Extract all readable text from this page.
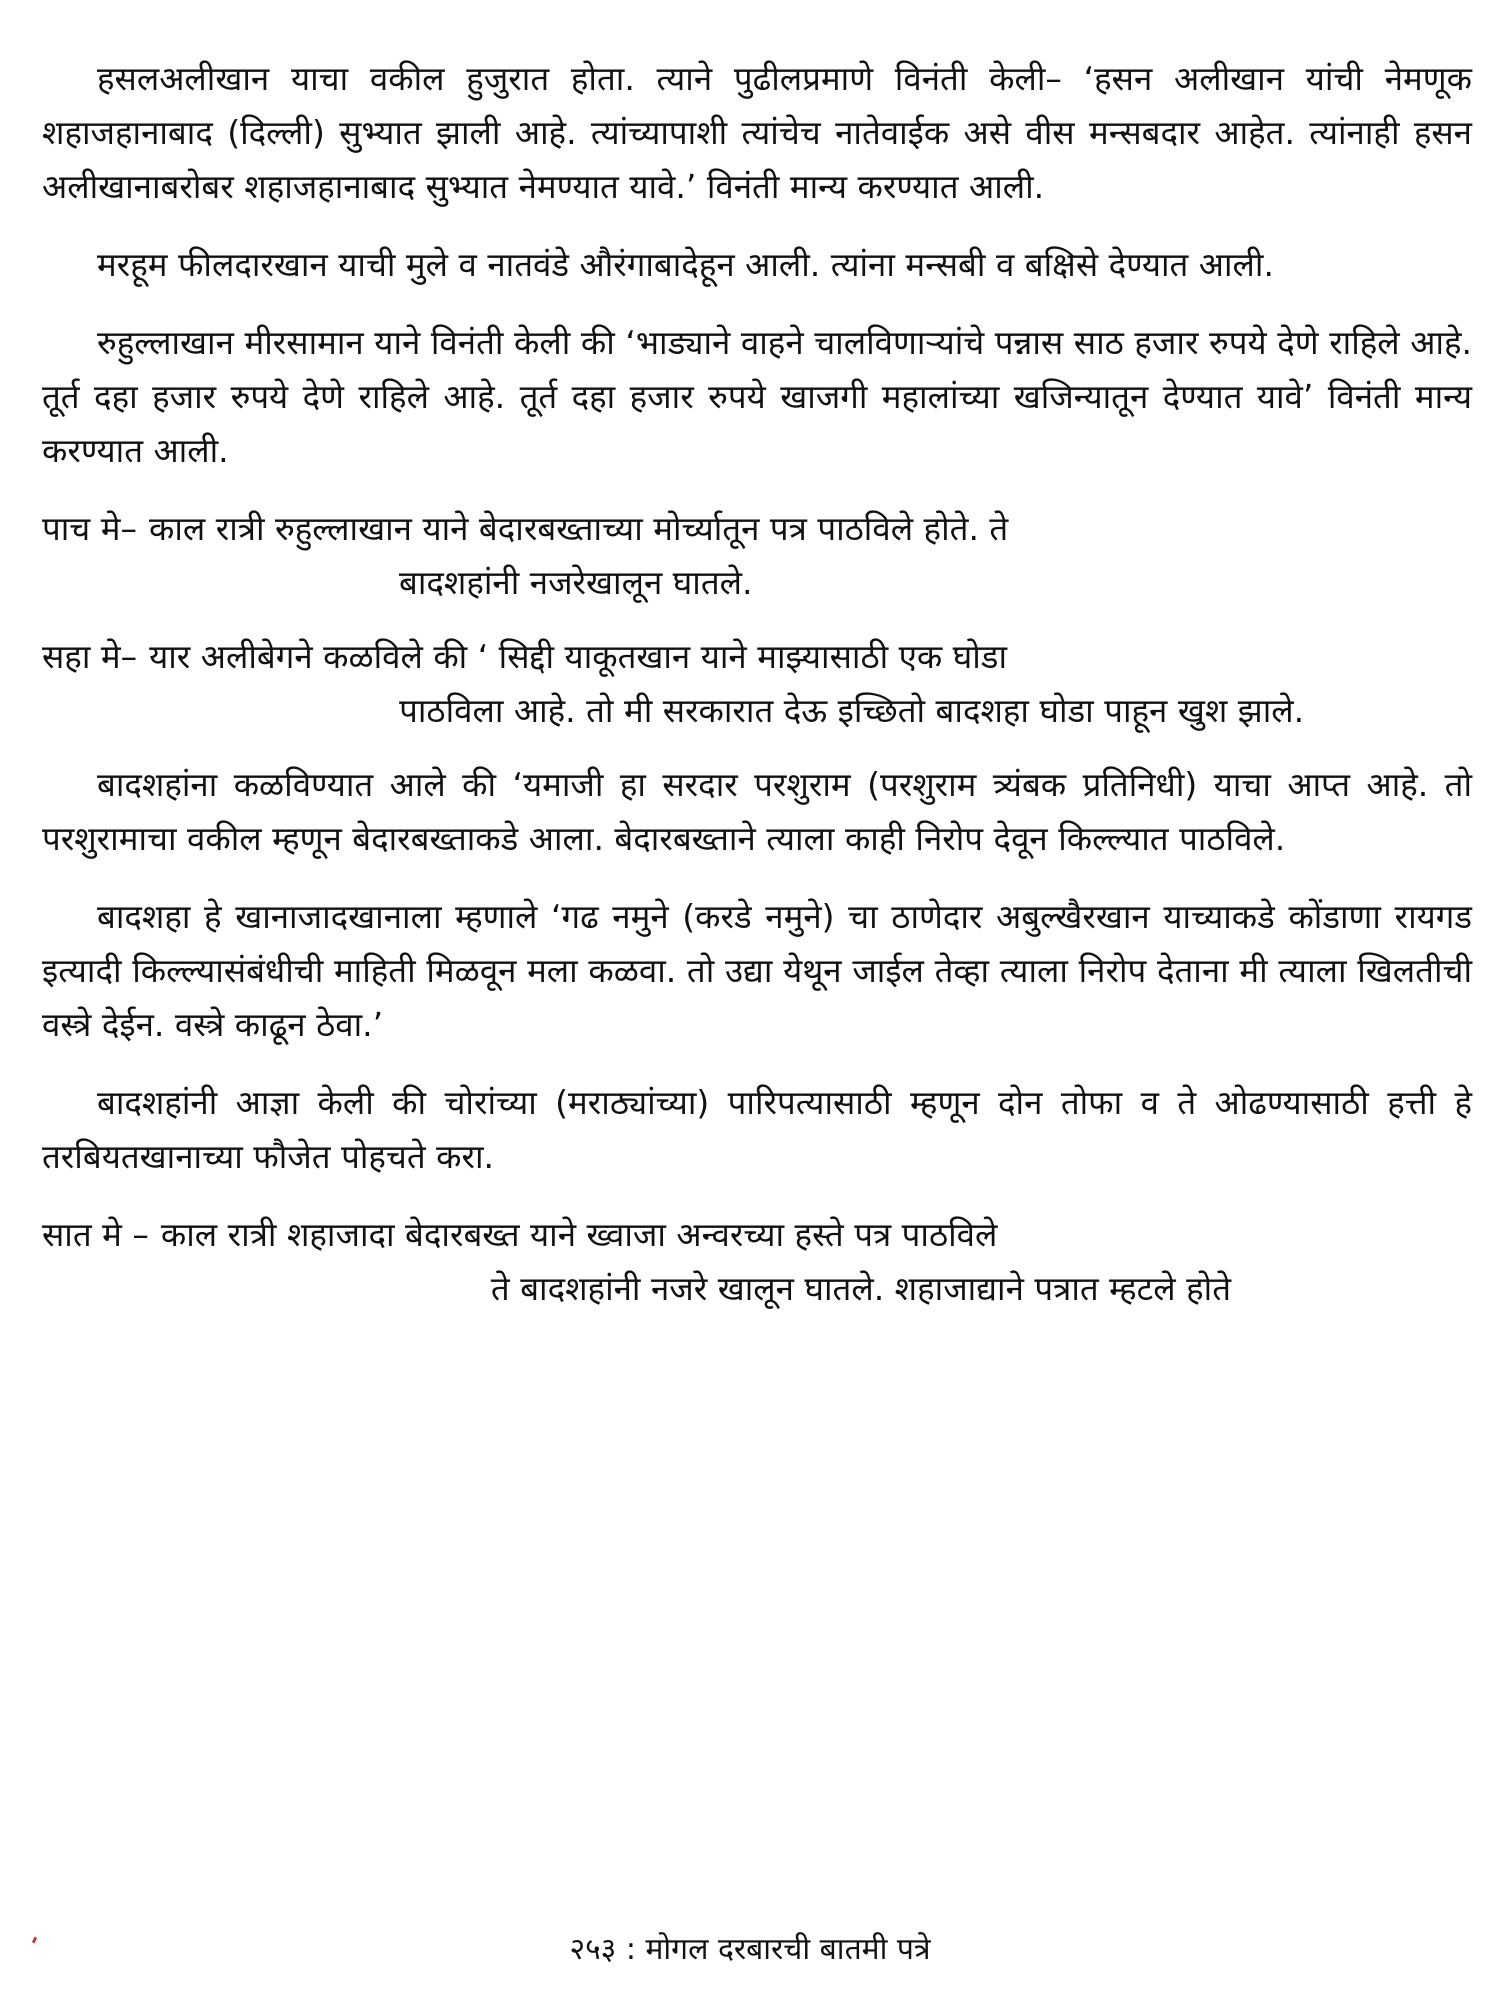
हसलअलीखान याचा वकील हुजुरात होता. त्याने पुढीलप्रमाणे विनंती केली– ‘हसन अलीखान यांची नेमणूक शहाजहानाबाद (दिल्ली) सुभ्यात झाली आहे. त्यांच्यापाशी त्यांचेच नातेवाईक असे वीस मन्सबदार आहेत. त्यांनाही हसन अलीखानाबरोबर शहाजहानाबाद सुभ्यात नेमण्यात यावे.’ विनंती मान्य करण्यात आली.

मरहूम फीलदारखान याची मुले व नातवंडे औरंगाबादेहून आली. त्यांना मन्सबी व बक्षिसे देण्यात आली.

रुहुल्लाखान मीरसामान याने विनंती केली की ‘भाड्याने वाहने चालविणाऱ्यांचे पन्नास साठ हजार रुपये देणे राहिले आहे. तूर्त दहा हजार रुपये देणे राहिले आहे. तूर्त दहा हजार रुपये खाजगी महालांच्या खजिन्यातून देण्यात यावे’ विनंती मान्य करण्यात आली.

पाच मे– काल रात्री रुहुल्लाखान याने बेदारबख्ताच्या मोर्च्यातून पत्र पाठविले होते. ते
बादशहांनी नजरेखालून घातले.
सहा मे– यार अलीबेगने कळविले की ‘ सिद्दी याकूतखान याने माझ्यासाठी एक घोडा
पाठविला आहे. तो मी सरकारात देऊ इच्छितो बादशहा घोडा पाहून खुश झाले.

बादशहांना कळविण्यात आले की ‘यमाजी हा सरदार परशुराम (परशुराम त्र्यंबक प्रतिनिधी) याचा आप्त आहे. तो परशुरामाचा वकील म्हणून बेदारबख्ताकडे आला. बेदारबख्ताने त्याला काही निरोप देवून किल्ल्यात पाठविले.

बादशहा हे खानाजादखानाला म्हणाले ‘गढ नमुने (करडे नमुने) चा ठाणेदार अबुल्खैरखान याच्याकडे कोंडाणा रायगड इत्यादी किल्ल्यासंबंधीची माहिती मिळवून मला कळवा. तो उद्या येथून जाईल तेव्हा त्याला निरोप देताना मी त्याला खिलतीची वस्त्रे देईन. वस्त्रे काढून ठेवा.’

बादशहांनी आज्ञा केली की चोरांच्या (मराठ्यांच्या) पारिपत्यासाठी म्हणून दोन तोफा व ते ओढण्यासाठी हत्ती हे तरबियतखानाच्या फौजेत पोहचते करा.

सात मे – काल रात्री शहाजादा बेदारबख्त याने ख्वाजा अन्वरच्या हस्ते पत्र पाठविले
ते बादशहांनी नजरे खालून घातले. शहाजाद्याने पत्रात म्हटले होते
२५३ : मोगल दरबारची बातमी पत्रे
